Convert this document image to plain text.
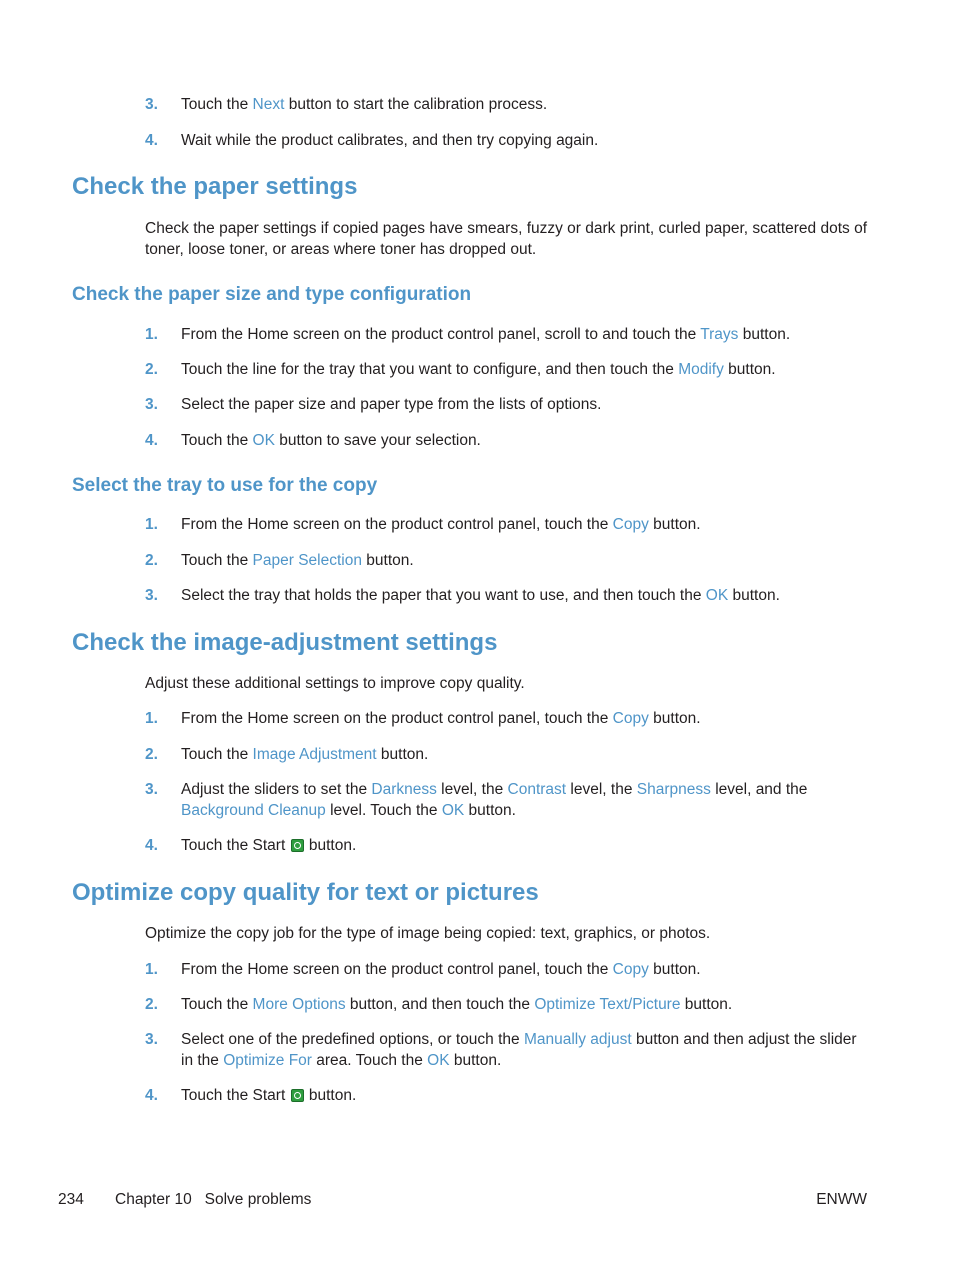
3. Touch the Next button to start the calibration process.
4. Wait while the product calibrates, and then try copying again.
Check the paper settings

Check the paper settings if copied pages have smears, fuzzy or dark print, curled paper, scattered dots of toner, loose toner, or areas where toner has dropped out.

Check the paper size and type configuration
1. From the Home screen on the product control panel, scroll to and touch the Trays button.
2. Touch the line for the tray that you want to configure, and then touch the Modify button.
3. Select the paper size and paper type from the lists of options.
4. Touch the OK button to save your selection.
Select the tray to use for the copy
1. From the Home screen on the product control panel, touch the Copy button.
2. Touch the Paper Selection button.
3. Select the tray that holds the paper that you want to use, and then touch the OK button.
Check the image-adjustment settings

Adjust these additional settings to improve copy quality.

1. From the Home screen on the product control panel, touch the Copy button.
2. Touch the Image Adjustment button.
3. Adjust the sliders to set the Darkness level, the Contrast level, the Sharpness level, and the
Background Cleanup level. Touch the OK button.
4. Touch the Start  button.
Optimize copy quality for text or pictures

Optimize the copy job for the type of image being copied: text, graphics, or photos.

1. From the Home screen on the product control panel, touch the Copy button.
2. Touch the More Options button, and then touch the Optimize Text/Picture button.
3. Select one of the predefined options, or touch the Manually adjust button and then adjust the slider in the Optimize For area. Touch the OK button.
4. Touch the Start  button.
234 Chapter 10   Solve problems	ENWW
